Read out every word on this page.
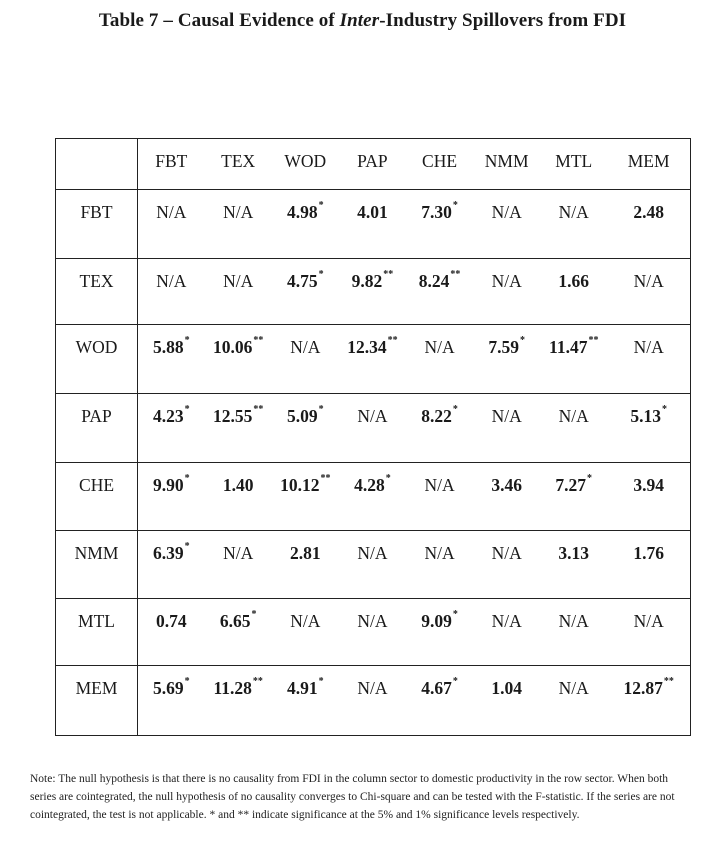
Table 7 – Causal Evidence of Inter-Industry Spillovers from FDI
	FBT	TEX	WOD	PAP	CHE	NMM	MTL	MEM
FBT	N/A	N/A	4.98*	4.01	7.30*	N/A	N/A	2.48
TEX	N/A	N/A	4.75*	9.82**	8.24**	N/A	1.66	N/A
WOD	5.88*	10.06**	N/A	12.34**	N/A	7.59*	11.47**	N/A
PAP	4.23*	12.55**	5.09*	N/A	8.22*	N/A	N/A	5.13*
CHE	9.90*	1.40	10.12**	4.28*	N/A	3.46	7.27*	3.94
NMM	6.39*	N/A	2.81	N/A	N/A	N/A	3.13	1.76
MTL	0.74	6.65*	N/A	N/A	9.09*	N/A	N/A	N/A
MEM	5.69*	11.28**	4.91*	N/A	4.67*	1.04	N/A	12.87**
Note: The null hypothesis is that there is no causality from FDI in the column sector to domestic productivity in the row sector. When both series are cointegrated, the null hypothesis of no causality converges to Chi-square and can be tested with the F-statistic. If the series are not cointegrated, the test is not applicable. * and ** indicate significance at the 5% and 1% significance levels respectively.
